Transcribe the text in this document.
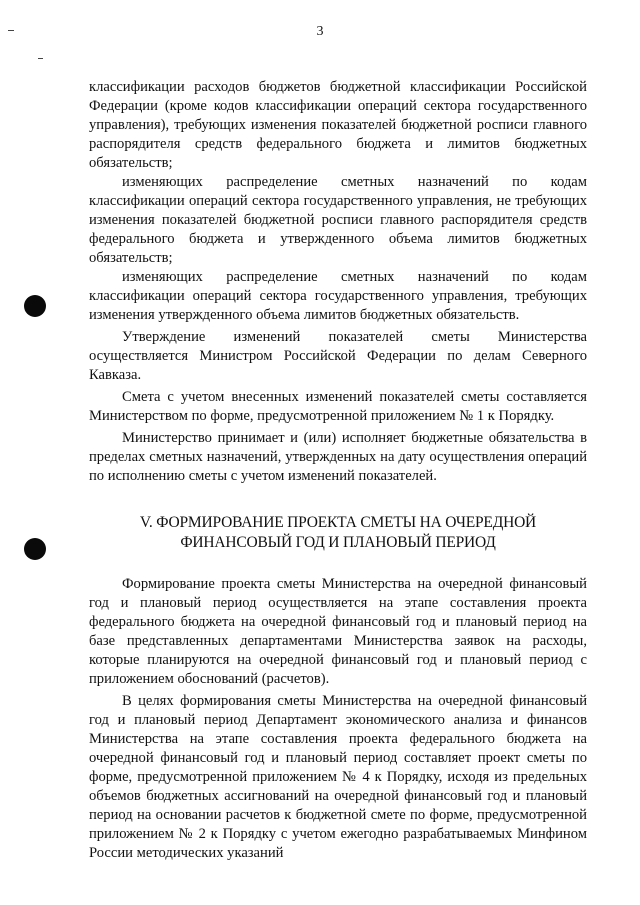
3

классификации расходов бюджетов бюджетной классификации Российской Федерации (кроме кодов классификации операций сектора государственного управления), требующих изменения показателей бюджетной росписи главного распорядителя средств федерального бюджета и лимитов бюджетных обязательств;

изменяющих распределение сметных назначений по кодам классификации операций сектора государственного управления, не требующих изменения показателей бюджетной росписи главного распорядителя средств федерального бюджета и утвержденного объема лимитов бюджетных обязательств;

изменяющих распределение сметных назначений по кодам классификации операций сектора государственного управления, требующих изменения утвержденного объема лимитов бюджетных обязательств.

Утверждение изменений показателей сметы Министерства осуществляется Министром Российской Федерации по делам Северного Кавказа.

Смета с учетом внесенных изменений показателей сметы составляется Министерством по форме, предусмотренной приложением № 1 к Порядку.

Министерство принимает и (или) исполняет бюджетные обязательства в пределах сметных назначений, утвержденных на дату осуществления операций по исполнению сметы с учетом изменений показателей.

V. ФОРМИРОВАНИЕ ПРОЕКТА СМЕТЫ НА ОЧЕРЕДНОЙ
ФИНАНСОВЫЙ ГОД И ПЛАНОВЫЙ ПЕРИОД

Формирование проекта сметы Министерства на очередной финансовый год и плановый период осуществляется на этапе составления проекта федерального бюджета на очередной финансовый год и плановый период на базе представленных департаментами Министерства заявок на расходы, которые планируются на очередной финансовый год и плановый период с приложением обоснований (расчетов).

В целях формирования сметы Министерства на очередной финансовый год и плановый период Департамент экономического анализа и финансов Министерства на этапе составления проекта федерального бюджета на очередной финансовый год и плановый период составляет проект сметы по форме, предусмотренной приложением № 4 к Порядку, исходя из предельных объемов бюджетных ассигнований на очередной финансовый год и плановый период на основании расчетов к бюджетной смете по форме, предусмотренной приложением № 2 к Порядку с учетом ежегодно разрабатываемых Минфином России методических указаний
